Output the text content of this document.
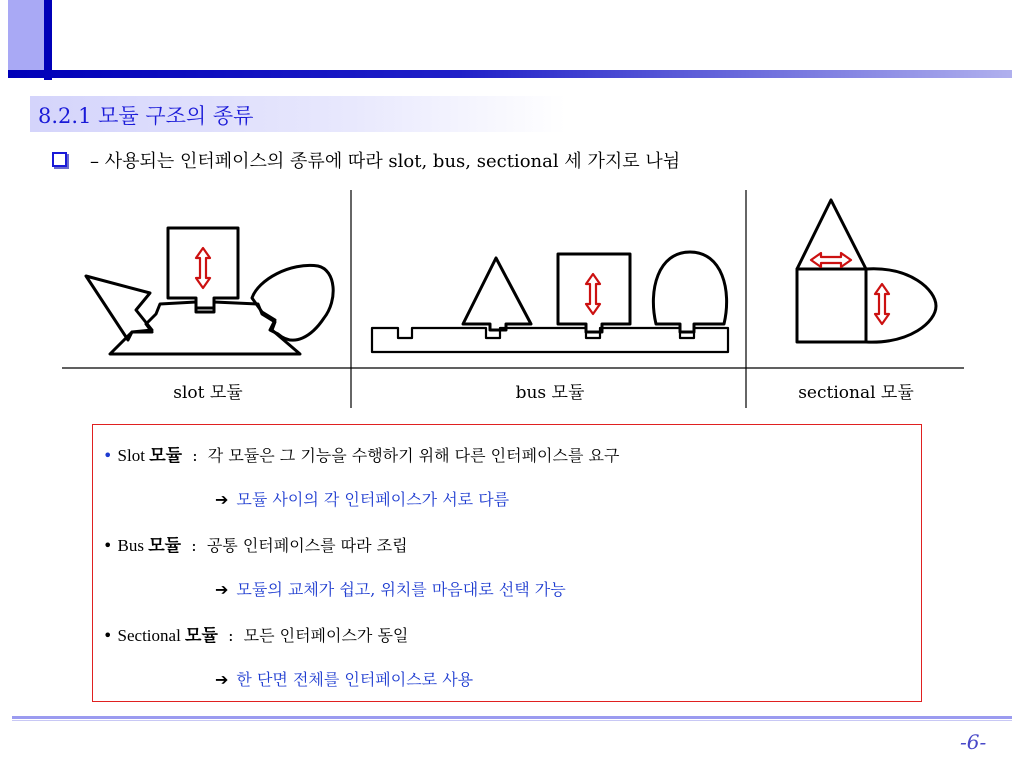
8.2.1 모듈 구조의 종류
– 사용되는 인터페이스의 종류에 따라 slot, bus, sectional 세 가지로 나뉨
slot 모듈	bus 모듈	sectional 모듈
• Slot 모듈 : 각 모듈은 그 기능을 수행하기 위해 다른 인터페이스를 요구
➔ 모듈 사이의 각 인터페이스가 서로 다름
• Bus 모듈 : 공통 인터페이스를 따라 조립
➔ 모듈의 교체가 쉽고, 위치를 마음대로 선택 가능
• Sectional 모듈 : 모든 인터페이스가 동일
➔ 한 단면 전체를 인터페이스로 사용
-6-
